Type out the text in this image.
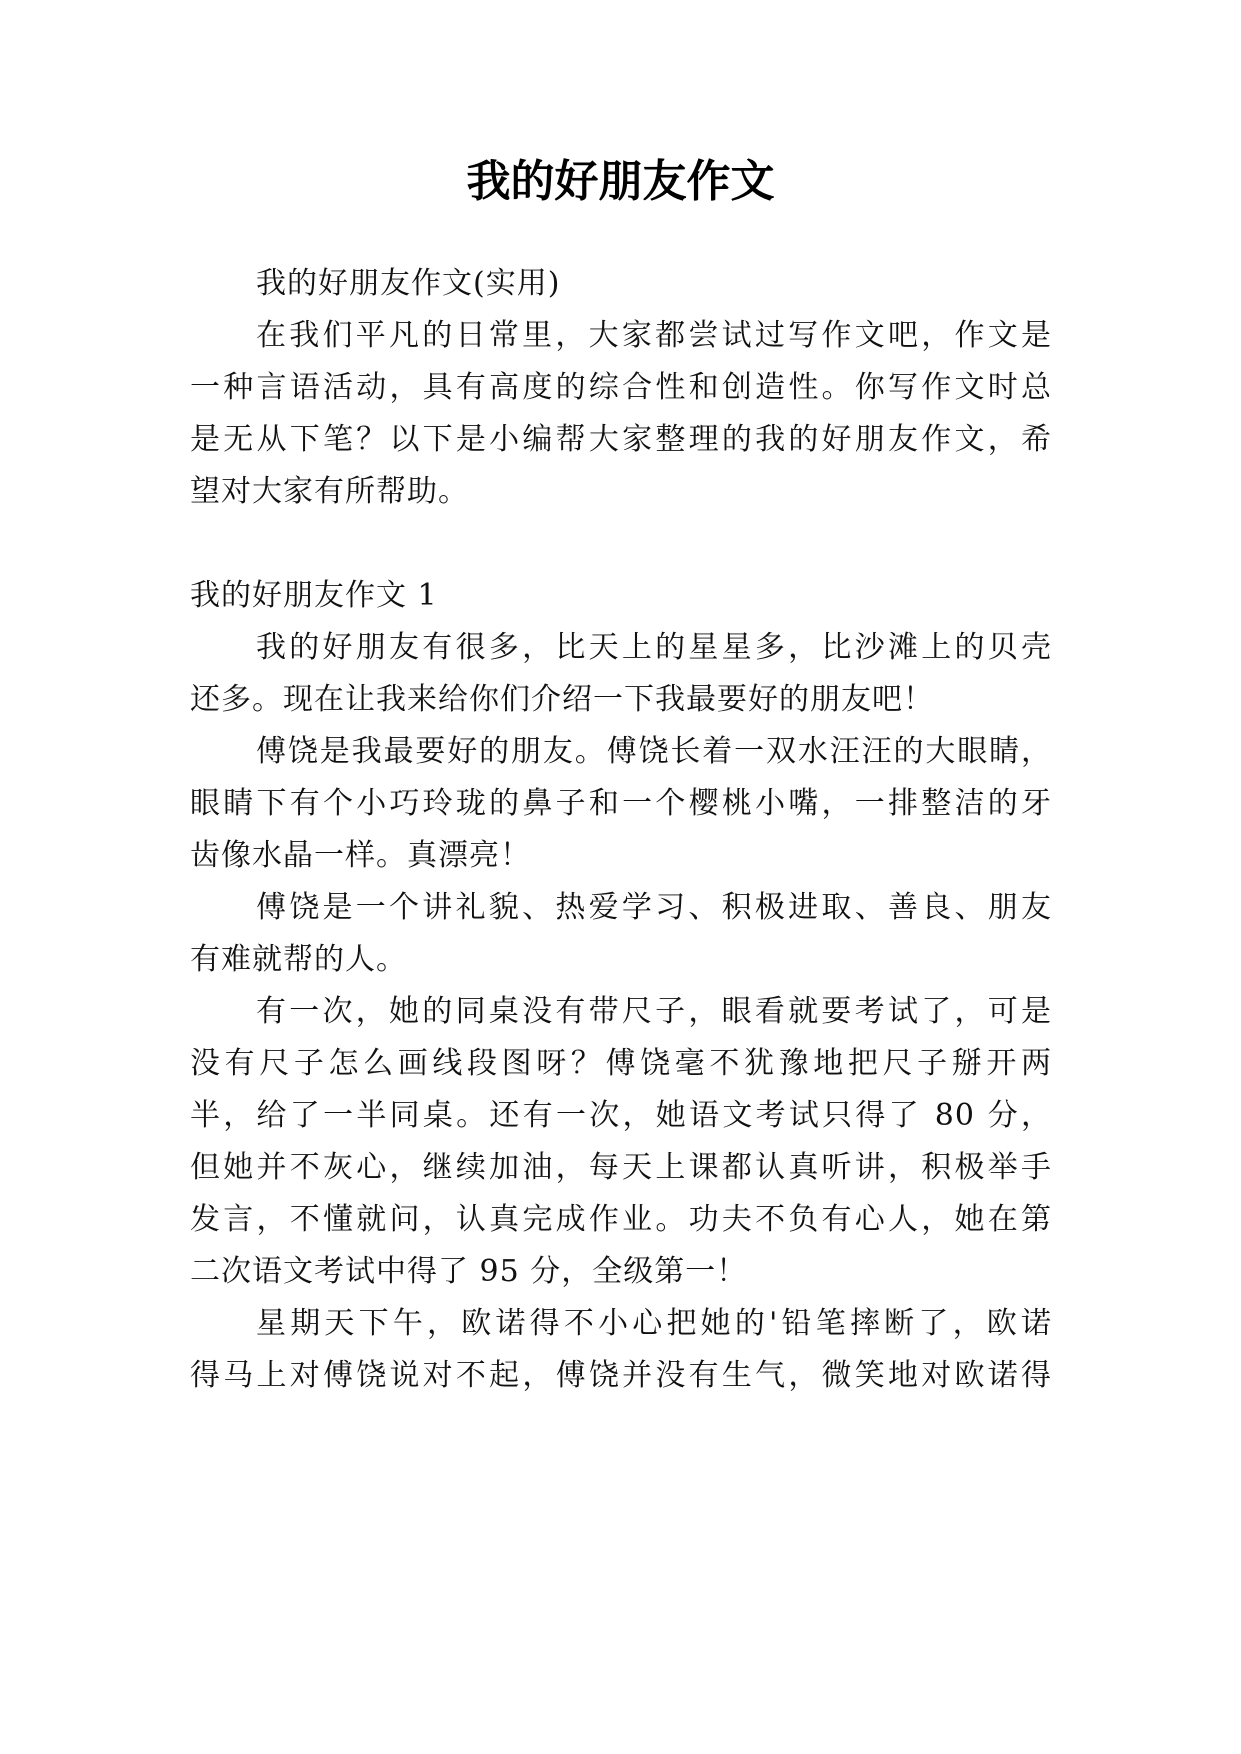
我的好朋友作文
我的好朋友作文(实用)
在我们平凡的日常里，大家都尝试过写作文吧，作文是
一种言语活动，具有高度的综合性和创造性。你写作文时总
是无从下笔？以下是小编帮大家整理的我的好朋友作文，希
望对大家有所帮助。
我的好朋友作文 1
我的好朋友有很多，比天上的星星多，比沙滩上的贝壳
还多。现在让我来给你们介绍一下我最要好的朋友吧！
傅饶是我最要好的朋友。傅饶长着一双水汪汪的大眼睛，
眼睛下有个小巧玲珑的鼻子和一个樱桃小嘴，一排整洁的牙
齿像水晶一样。真漂亮！
傅饶是一个讲礼貌、热爱学习、积极进取、善良、朋友
有难就帮的人。
有一次，她的同桌没有带尺子，眼看就要考试了，可是
没有尺子怎么画线段图呀？傅饶毫不犹豫地把尺子掰开两
半，给了一半同桌。还有一次，她语文考试只得了 80 分，
但她并不灰心，继续加油，每天上课都认真听讲，积极举手
发言，不懂就问，认真完成作业。功夫不负有心人，她在第
二次语文考试中得了 95 分，全级第一！
星期天下午，欧诺得不小心把她的'铅笔摔断了，欧诺
得马上对傅饶说对不起，傅饶并没有生气，微笑地对欧诺得
